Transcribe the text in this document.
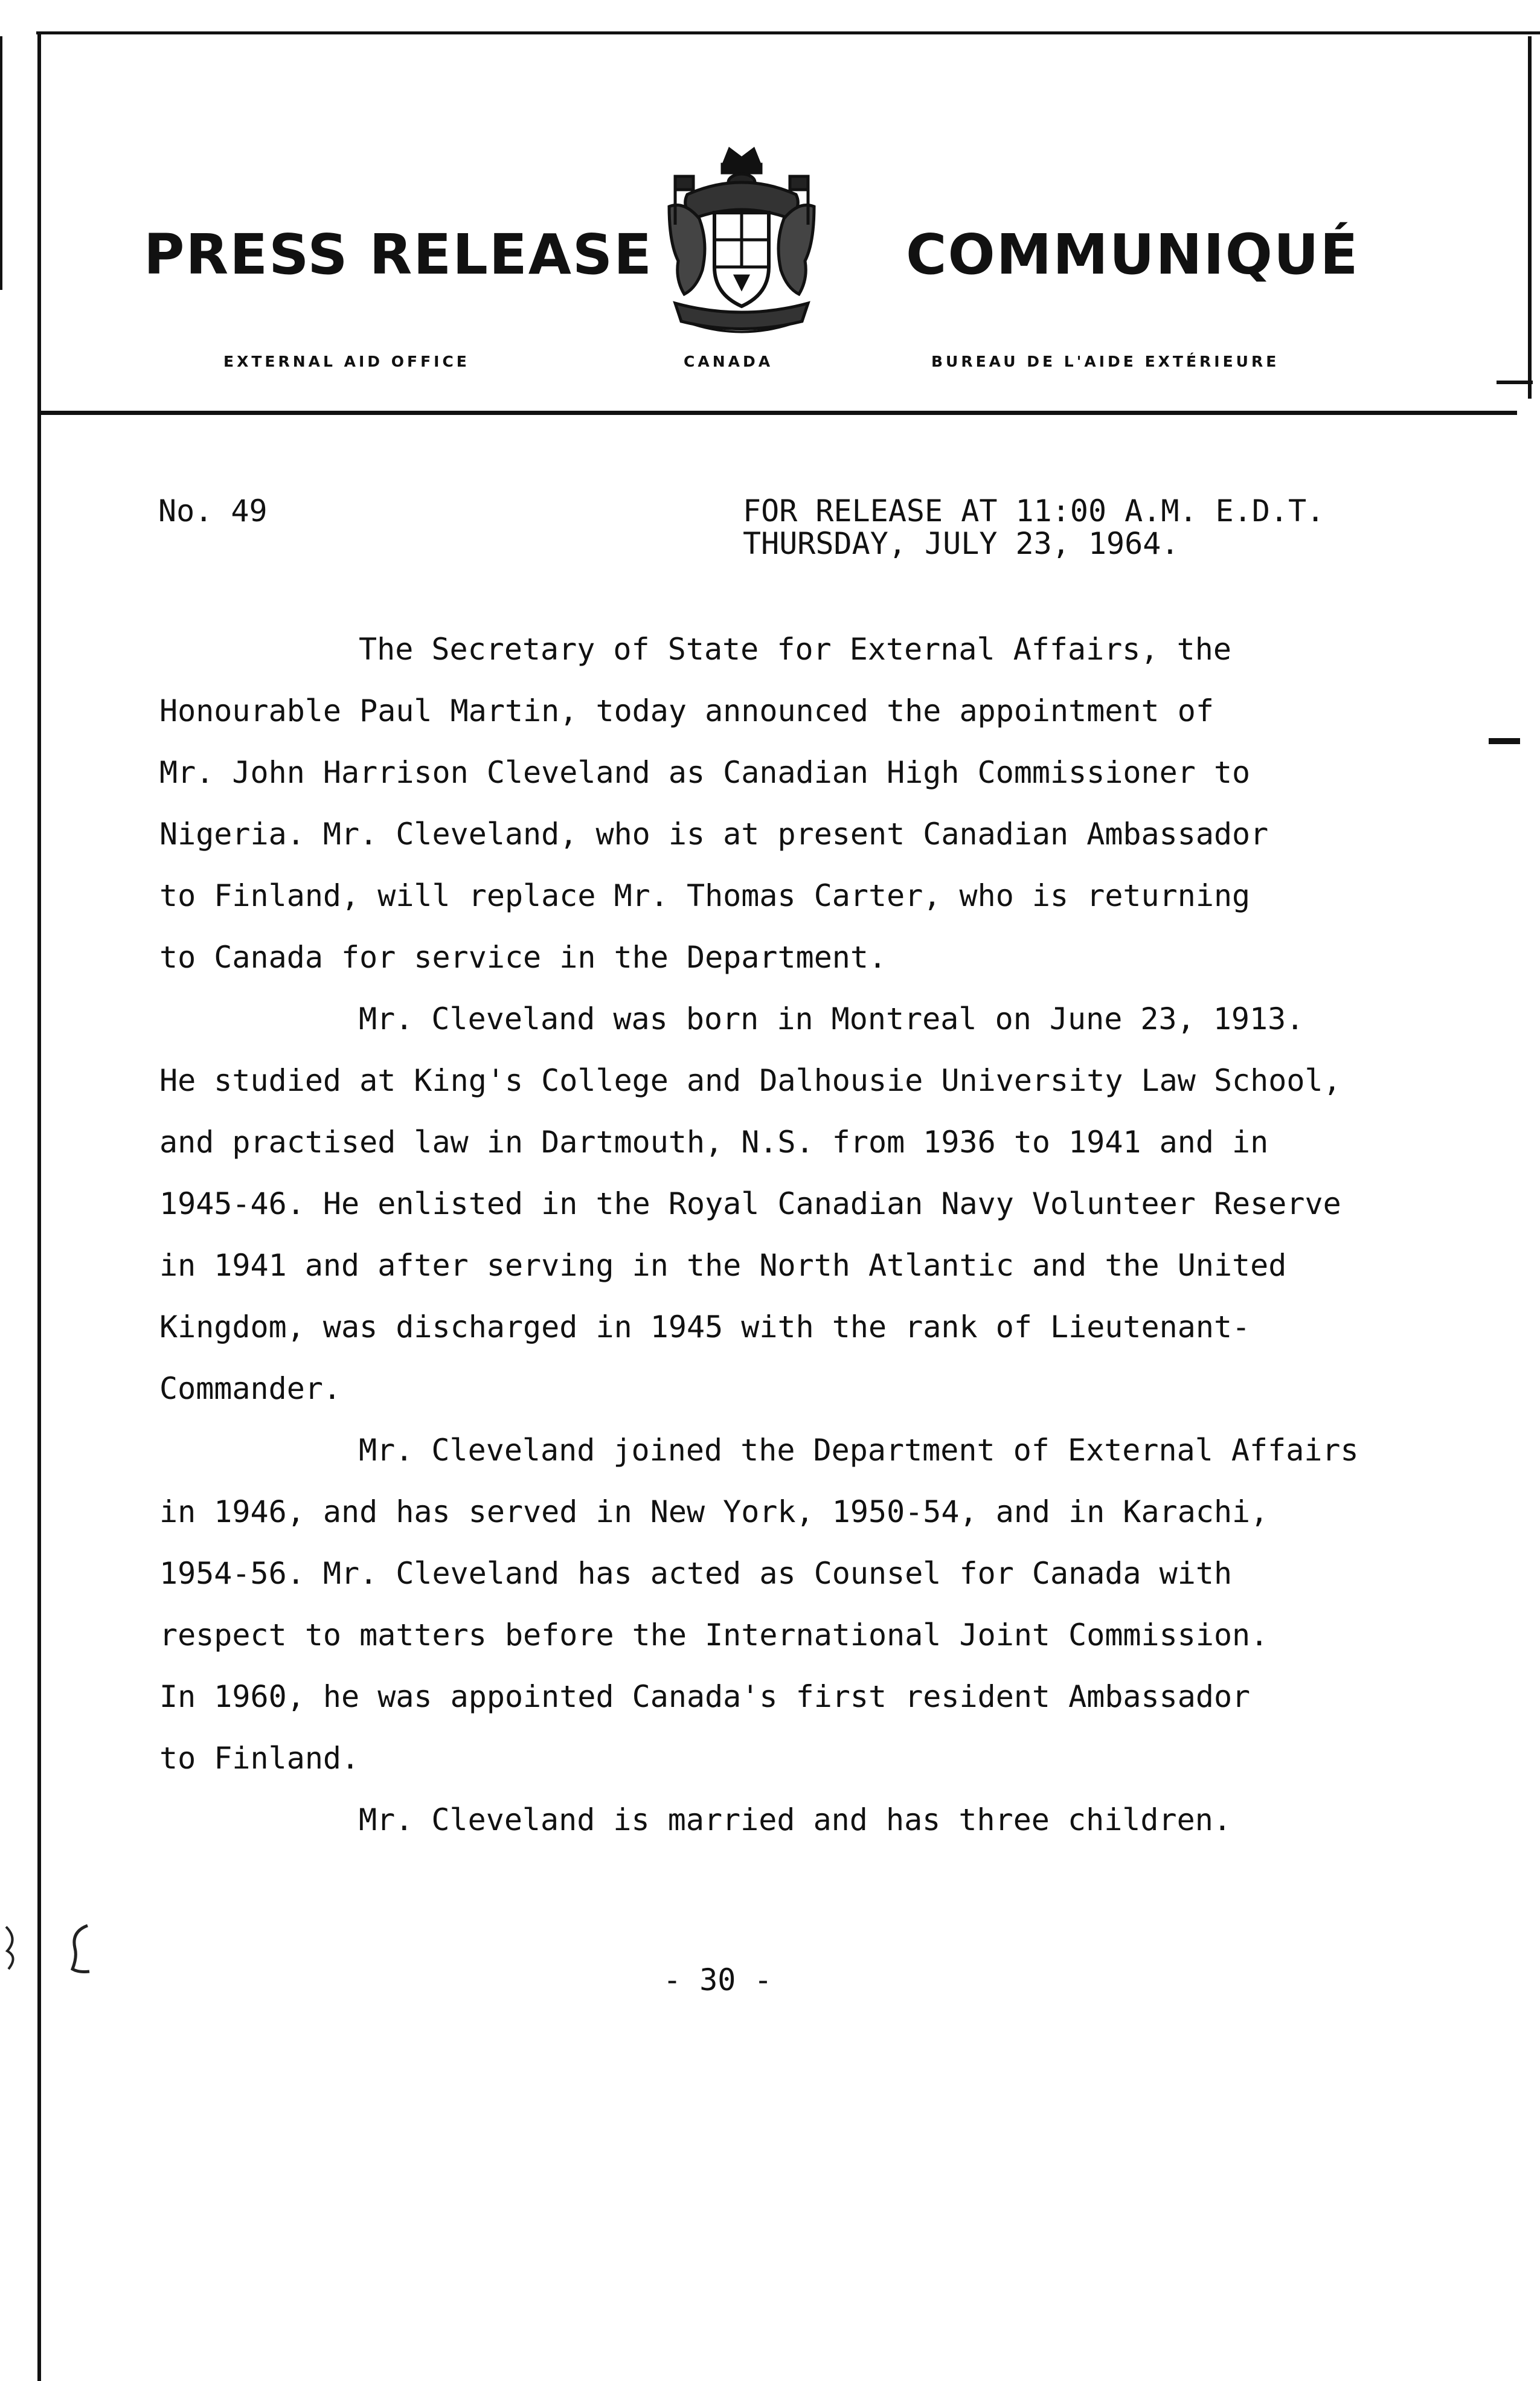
PRESS RELEASE	COMMUNIQUÉ
EXTERNAL AID OFFICE	CANADA	BUREAU DE L'AIDE EXTÉRIEURE
No. 49	FOR RELEASE AT 11:00 A.M. E.D.T.
THURSDAY, JULY 23, 1964.
The Secretary of State for External Affairs, the
Honourable Paul Martin, today announced the appointment of
Mr. John Harrison Cleveland as Canadian High Commissioner to
Nigeria. Mr. Cleveland, who is at present Canadian Ambassador
to Finland, will replace Mr. Thomas Carter, who is returning
to Canada for service in the Department.
Mr. Cleveland was born in Montreal on June 23, 1913.
He studied at King's College and Dalhousie University Law School,
and practised law in Dartmouth, N.S. from 1936 to 1941 and in
1945-46. He enlisted in the Royal Canadian Navy Volunteer Reserve
in 1941 and after serving in the North Atlantic and the United
Kingdom, was discharged in 1945 with the rank of Lieutenant-
Commander.
Mr. Cleveland joined the Department of External Affairs
in 1946, and has served in New York, 1950-54, and in Karachi,
1954-56. Mr. Cleveland has acted as Counsel for Canada with
respect to matters before the International Joint Commission.
In 1960, he was appointed Canada's first resident Ambassador
to Finland.
Mr. Cleveland is married and has three children.
- 30 -
